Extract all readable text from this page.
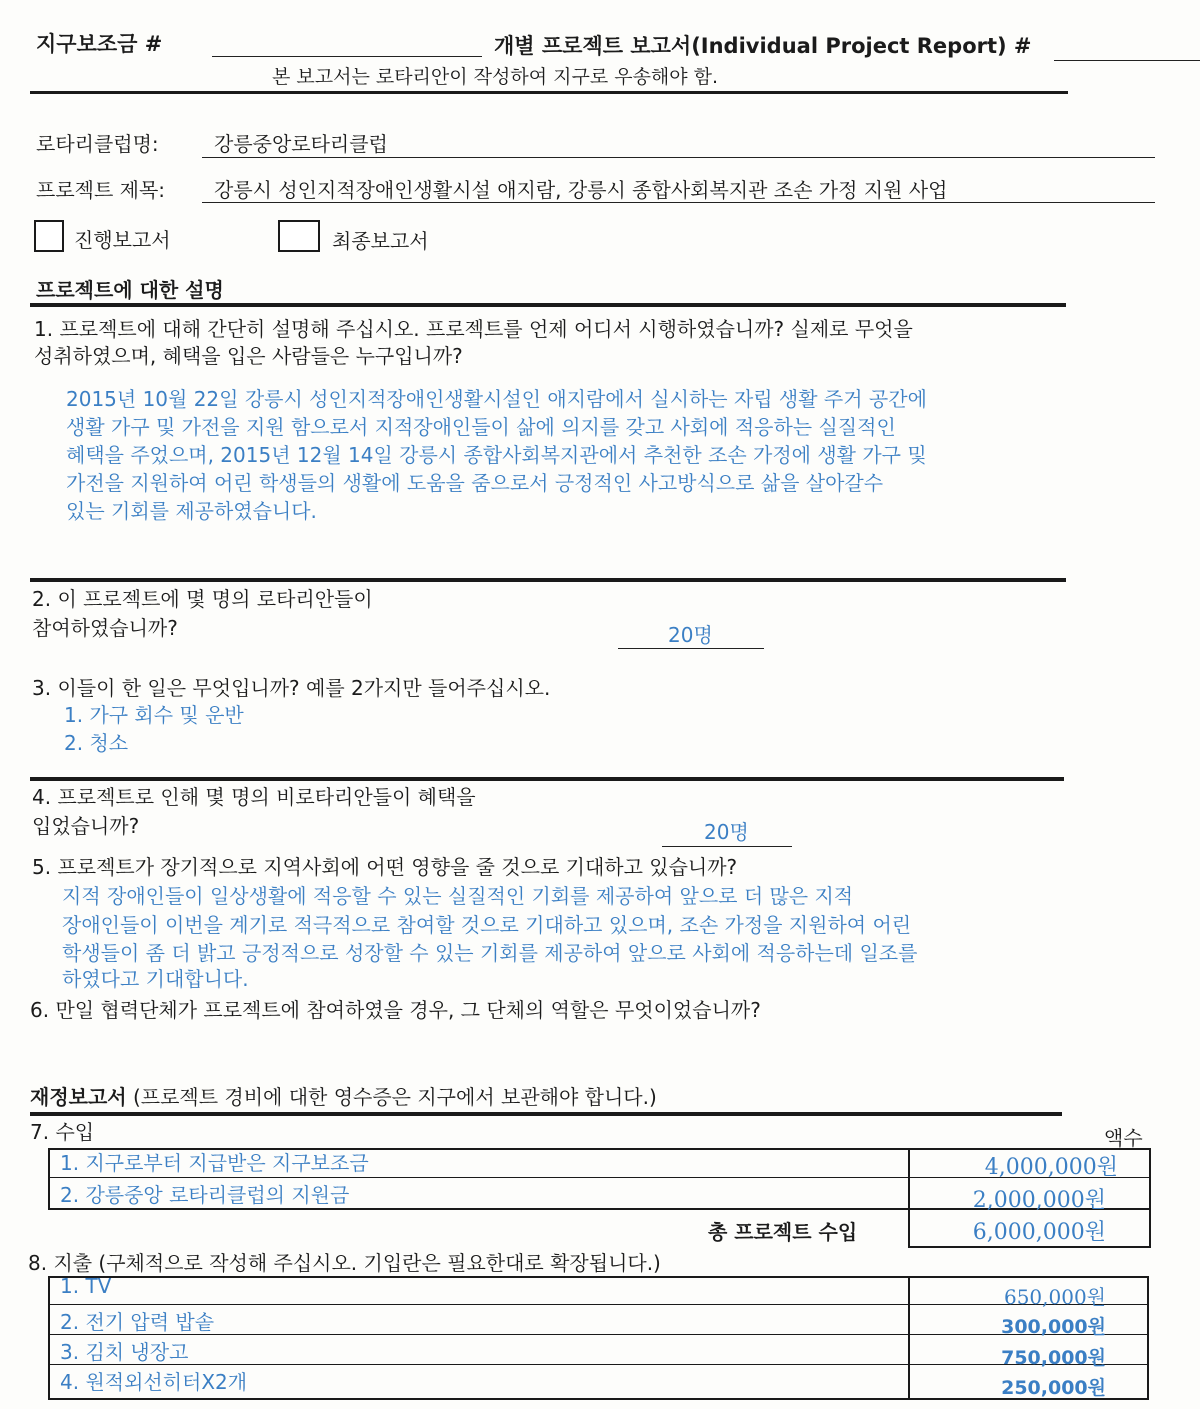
지구보조금 #	개별 프로젝트 보고서(Individual Project Report) #
본 보고서는 로타리안이 작성하여 지구로 우송해야 함.
로타리클럽명:	강릉중앙로타리클럽
프로젝트 제목: 강릉시 성인지적장애인생활시설 애지람, 강릉시 종합사회복지관 조손 가정 지원 사업
진행보고서	최종보고서
프로젝트에 대한 설명
1. 프로젝트에 대해 간단히 설명해 주십시오. 프로젝트를 언제 어디서 시행하였습니까? 실제로 무엇을
성취하였으며, 혜택을 입은 사람들은 누구입니까?
2015년 10월 22일 강릉시 성인지적장애인생활시설인 애지람에서 실시하는 자립 생활 주거 공간에
생활 가구 및 가전을 지원 함으로서 지적장애인들이 삶에 의지를 갖고 사회에 적응하는 실질적인
혜택을 주었으며, 2015년 12월 14일 강릉시 종합사회복지관에서 추천한 조손 가정에 생활 가구 및
가전을 지원하여 어린 학생들의 생활에 도움을 줌으로서 긍정적인 사고방식으로 삶을 살아갈수
있는 기회를 제공하였습니다.
2. 이 프로젝트에 몇 명의 로타리안들이
참여하였습니까?	20명
3. 이들이 한 일은 무엇입니까? 예를 2가지만 들어주십시오.
1. 가구 회수 및 운반
2. 청소
4. 프로젝트로 인해 몇 명의 비로타리안들이 혜택을
입었습니까?	20명
5. 프로젝트가 장기적으로 지역사회에 어떤 영향을 줄 것으로 기대하고 있습니까?
지적 장애인들이 일상생활에 적응할 수 있는 실질적인 기회를 제공하여 앞으로 더 많은 지적
장애인들이 이번을 계기로 적극적으로 참여할 것으로 기대하고 있으며, 조손 가정을 지원하여 어린
학생들이 좀 더 밝고 긍정적으로 성장할 수 있는 기회를 제공하여 앞으로 사회에 적응하는데 일조를
하였다고 기대합니다.
6. 만일 협력단체가 프로젝트에 참여하였을 경우, 그 단체의 역할은 무엇이었습니까?
재정보고서 (프로젝트 경비에 대한 영수증은 지구에서 보관해야 합니다.)
7. 수입	액수
1. 지구로부터 지급받은 지구보조금	4,000,000원
2. 강릉중앙 로타리클럽의 지원금	2,000,000원
총 프로젝트 수입	6,000,000원
8. 지출 (구체적으로 작성해 주십시오. 기입란은 필요한대로 확장됩니다.)
1. TV	650,000원
2. 전기 압력 밥솥	300,000원
3. 김치 냉장고	750,000원
4. 원적외선히터X2개	250,000원
